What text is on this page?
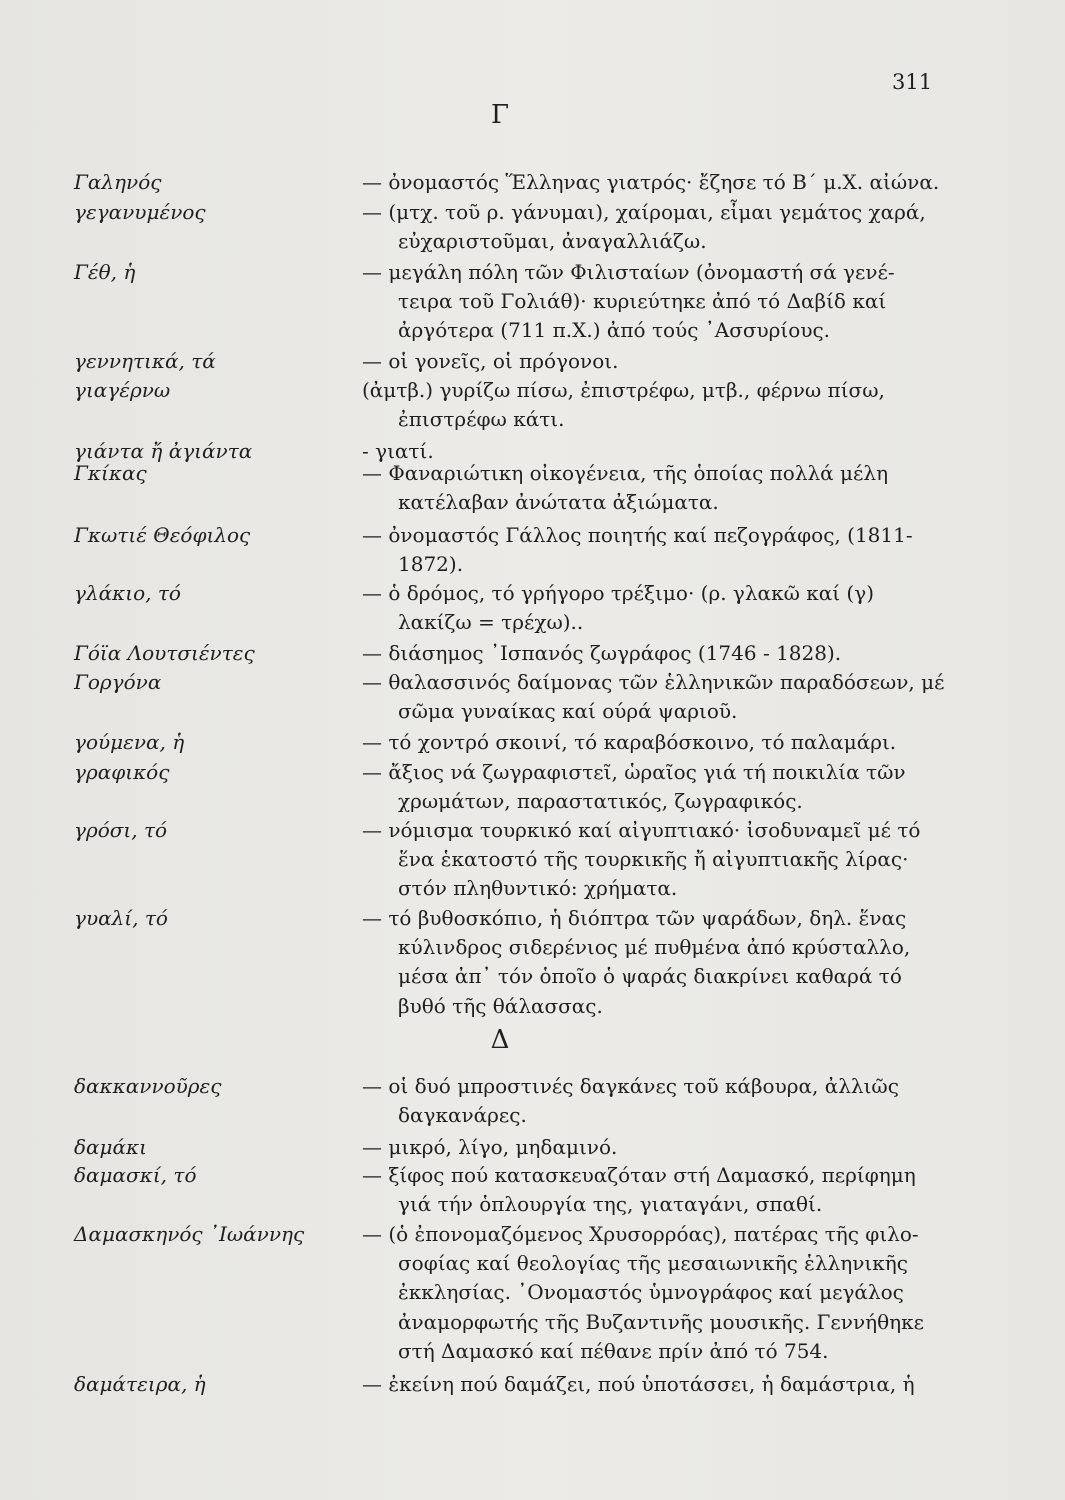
311
Γ
Γαληνός	— ὀνομαστός Ἕλληνας γιατρός· ἔζησε τό Β΄ μ.Χ. αἰώνα.
γεγανυμένος	— (μτχ. τοῦ ρ. γάνυμαι), χαίρομαι, εἶμαι γεμάτος χαρά,
εὐχαριστοῦμαι, ἀναγαλλιάζω.
Γέθ, ἡ	— μεγάλη πόλη τῶν Φιλισταίων (ὀνομαστή σά γενέ-
τειρα τοῦ Γολιάθ)· κυριεύτηκε ἀπό τό Δαβίδ καί
ἀργότερα (711 π.Χ.) ἀπό τούς ᾿Ασσυρίους.
γεννητικά, τά	— οἱ γονεῖς, οἱ πρόγονοι.
γιαγέρνω	(ἀμτβ.) γυρίζω πίσω, ἐπιστρέφω, μτβ., φέρνω πίσω,
ἐπιστρέφω κάτι.
γιάντα ἤ ἀγιάντα	- γιατί.
Γκίκας	— Φαναριώτικη οἰκογένεια, τῆς ὁποίας πολλά μέλη
κατέλαβαν ἀνώτατα ἀξιώματα.
Γκωτιέ Θεόφιλος	— ὀνομαστός Γάλλος ποιητής καί πεζογράφος, (1811-
1872).
γλάκιο, τό	— ὁ δρόμος, τό γρήγορο τρέξιμο· (ρ. γλακῶ καί (γ)
λακίζω = τρέχω)..
Γόϊα Λουτσιέντες	— διάσημος ᾿Ισπανός ζωγράφος (1746 - 1828).
Γοργόνα	— θαλασσινός δαίμονας τῶν ἑλληνικῶν παραδόσεων, μέ
σῶμα γυναίκας καί ούρά ψαριοῦ.
γούμενα, ἡ	— τό χοντρό σκοινί, τό καραβόσκοινο, τό παλαμάρι.
γραφικός	— ἄξιος νά ζωγραφιστεῖ, ὡραῖος γιά τή ποικιλία τῶν
χρωμάτων, παραστατικός, ζωγραφικός.
γρόσι, τό	— νόμισμα τουρκικό καί αἰγυπτιακό· ἰσοδυναμεῖ μέ τό
ἕνα ἑκατοστό τῆς τουρκικῆς ἤ αἰγυπτιακῆς λίρας·
στόν πληθυντικό: χρήματα.
γυαλί, τό	— τό βυθοσκόπιο, ἡ διόπτρα τῶν ψαράδων, δηλ. ἕνας
κύλινδρος σιδερένιος μέ πυθμένα ἀπό κρύσταλλο,
μέσα ἀπ᾿ τόν ὁποῖο ὁ ψαράς διακρίνει καθαρά τό
βυθό τῆς θάλασσας.
Δ
δακκαννοῦρες	— οἱ δυό μπροστινές δαγκάνες τοῦ κάβουρα, ἀλλιῶς
δαγκανάρες.
δαμάκι	— μικρό, λίγο, μηδαμινό.
δαμασκί, τό	— ξίφος πού κατασκευαζόταν στή Δαμασκό, περίφημη
γιά τήν ὁπλουργία της, γιαταγάνι, σπαθί.
Δαμασκηνός ᾿Ιωάννης	— (ὁ ἐπονομαζόμενος Χρυσορρόας), πατέρας τῆς φιλο-
σοφίας καί θεολογίας τῆς μεσαιωνικῆς ἑλληνικῆς
ἐκκλησίας. ᾿Ονομαστός ὑμνογράφος καί μεγάλος
ἀναμορφωτής τῆς Βυζαντινῆς μουσικῆς. Γεννήθηκε
στή Δαμασκό καί πέθανε πρίν ἀπό τό 754.
δαμάτειρα, ἡ	— ἐκείνη πού δαμάζει, πού ὑποτάσσει, ἡ δαμάστρια, ἡ
